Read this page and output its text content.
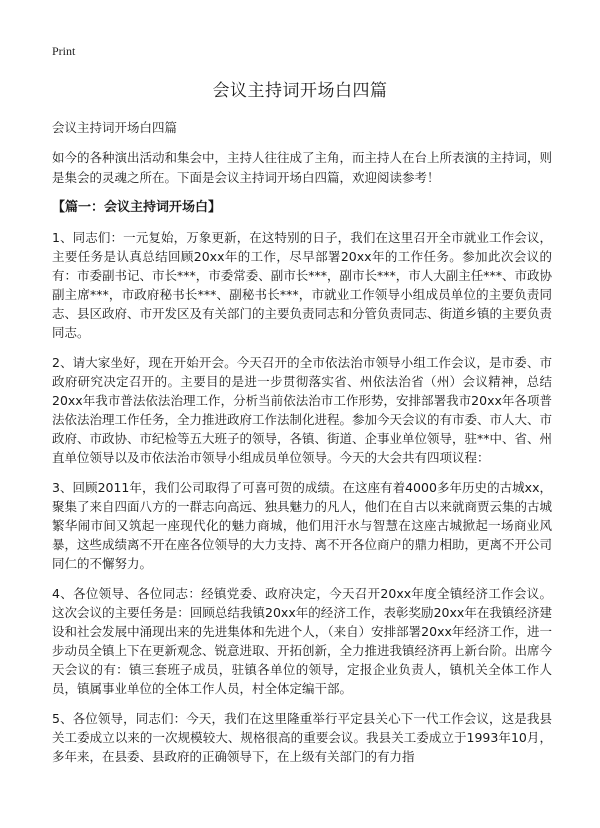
Print
会议主持词开场白四篇

会议主持词开场白四篇

如今的各种演出活动和集会中，主持人往往成了主角，而主持人在台上所表演的主持词，则是集会的灵魂之所在。下面是会议主持词开场白四篇，欢迎阅读参考！

【篇一：会议主持词开场白】

1、同志们：一元复始，万象更新，在这特别的日子，我们在这里召开全市就业工作会议，主要任务是认真总结回顾20xx年的工作，尽早部署20xx年的工作任务。参加此次会议的有：市委副书记、市长***，市委常委、副市长***，副市长***，市人大副主任***、市政协副主席***，市政府秘书长***、副秘书长***，市就业工作领导小组成员单位的主要负责同志、县区政府、市开发区及有关部门的主要负责同志和分管负责同志、街道乡镇的主要负责同志。

2、请大家坐好，现在开始开会。今天召开的全市依法治市领导小组工作会议，是市委、市政府研究决定召开的。主要目的是进一步贯彻落实省、州依法治省（州）会议精神，总结20xx年我市普法依法治理工作，分析当前依法治市工作形势，安排部署我市20xx年各项普法依法治理工作任务，全力推进政府工作法制化进程。参加今天会议的有市委、市人大、市政府、市政协、市纪检等五大班子的领导，各镇、街道、企事业单位领导，驻**中、省、州直单位领导以及市依法治市领导小组成员单位领导。今天的大会共有四项议程：

3、回顾2011年，我们公司取得了可喜可贺的成绩。在这座有着4000多年历史的古城xx，聚集了来自四面八方的一群志向高远、独具魅力的凡人，他们在自古以来就商贾云集的古城繁华闹市间又筑起一座现代化的魅力商城，他们用汗水与智慧在这座古城掀起一场商业风暴，这些成绩离不开在座各位领导的大力支持、离不开各位商户的鼎力相助，更离不开公司同仁的不懈努力。

4、各位领导、各位同志：经镇党委、政府决定，今天召开20xx年度全镇经济工作会议。这次会议的主要任务是：回顾总结我镇20xx年的经济工作，表彰奖励20xx年在我镇经济建设和社会发展中涌现出来的先进集体和先进个人，（来自）安排部署20xx年经济工作，进一步动员全镇上下在更新观念、锐意进取、开拓创新，全力推进我镇经济再上新台阶。出席今天会议的有：镇三套班子成员，驻镇各单位的领导，定报企业负责人，镇机关全体工作人员，镇属事业单位的全体工作人员，村全体定编干部。

5、各位领导，同志们：今天，我们在这里隆重举行平定县关心下一代工作会议，这是我县关工委成立以来的一次规模较大、规格很高的重要会议。我县关工委成立于1993年10月，多年来，在县委、县政府的正确领导下，在上级有关部门的有力指
